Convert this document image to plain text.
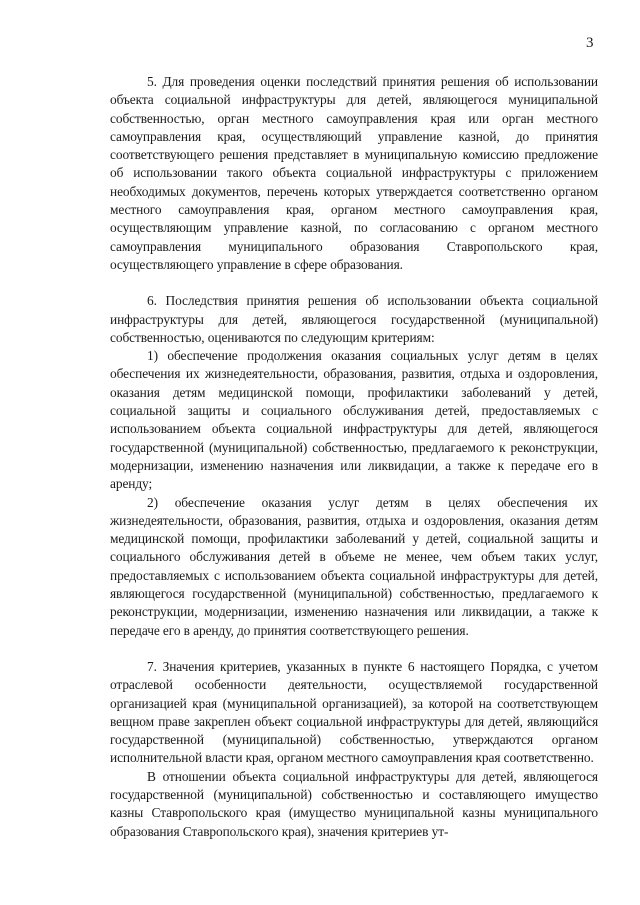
3

5. Для проведения оценки последствий принятия решения об использовании объекта социальной инфраструктуры для детей, являющегося муниципальной собственностью, орган местного самоуправления края или орган местного самоуправления края, осуществляющий управление казной, до принятия соответствующего решения представляет в муниципальную комиссию предложение об использовании такого объекта социальной инфраструктуры с приложением необходимых документов, перечень которых утверждается соответственно органом местного самоуправления края, органом местного самоуправления края, осуществляющим управление казной, по согласованию с органом местного самоуправления муниципального образования Ставропольского края, осуществляющего управление в сфере образования.

6. Последствия принятия решения об использовании объекта социальной инфраструктуры для детей, являющегося государственной (муниципальной) собственностью, оцениваются по следующим критериям:

1) обеспечение продолжения оказания социальных услуг детям в целях обеспечения их жизнедеятельности, образования, развития, отдыха и оздоровления, оказания детям медицинской помощи, профилактики заболеваний у детей, социальной защиты и социального обслуживания детей, предоставляемых с использованием объекта социальной инфраструктуры для детей, являющегося государственной (муниципальной) собственностью, предлагаемого к реконструкции, модернизации, изменению назначения или ликвидации, а также к передаче его в аренду;

2) обеспечение оказания услуг детям в целях обеспечения их жизнедеятельности, образования, развития, отдыха и оздоровления, оказания детям медицинской помощи, профилактики заболеваний у детей, социальной защиты и социального обслуживания детей в объеме не менее, чем объем таких услуг, предоставляемых с использованием объекта социальной инфраструктуры для детей, являющегося государственной (муниципальной) собственностью, предлагаемого к реконструкции, модернизации, изменению назначения или ликвидации, а также к передаче его в аренду, до принятия соответствующего решения.

7. Значения критериев, указанных в пункте 6 настоящего Порядка, с учетом отраслевой особенности деятельности, осуществляемой государственной организацией края (муниципальной организацией), за которой на соответствующем вещном праве закреплен объект социальной инфраструктуры для детей, являющийся государственной (муниципальной) собственностью, утверждаются органом исполнительной власти края, органом местного самоуправления края соответственно.

В отношении объекта социальной инфраструктуры для детей, являющегося государственной (муниципальной) собственностью и составляющего имущество казны Ставропольского края (имущество муниципальной казны муниципального образования Ставропольского края), значения критериев ут-
